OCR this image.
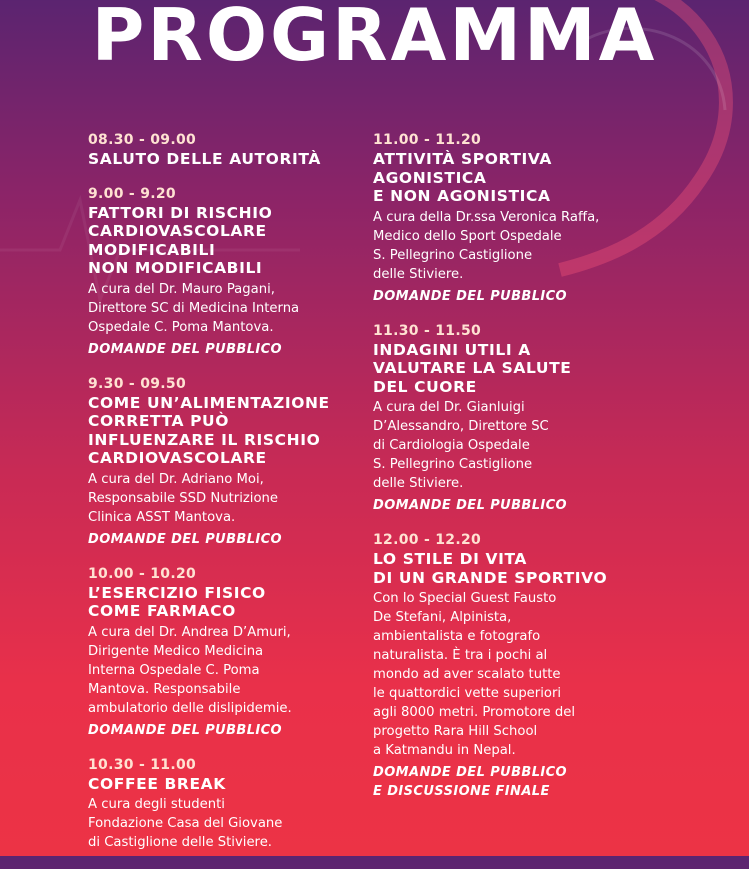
PROGRAMMA
08.30 - 09.00
SALUTO DELLE AUTORITÀ
9.00 - 9.20
FATTORI DI RISCHIO
CARDIOVASCOLARE
MODIFICABILI
NON MODIFICABILI
A cura del Dr. Mauro Pagani,
Direttore SC di Medicina Interna
Ospedale C. Poma Mantova.
DOMANDE DEL PUBBLICO
9.30 - 09.50
COME UN’ALIMENTAZIONE
CORRETTA PUÒ
INFLUENZARE IL RISCHIO
CARDIOVASCOLARE
A cura del Dr. Adriano Moi,
Responsabile SSD Nutrizione
Clinica ASST Mantova.
DOMANDE DEL PUBBLICO
10.00 - 10.20
L’ESERCIZIO FISICO
COME FARMACO
A cura del Dr. Andrea D’Amuri,
Dirigente Medico Medicina
Interna Ospedale C. Poma
Mantova. Responsabile
ambulatorio delle dislipidemie.
DOMANDE DEL PUBBLICO
10.30 - 11.00
COFFEE BREAK
A cura degli studenti
Fondazione Casa del Giovane
di Castiglione delle Stiviere.
11.00 - 11.20
ATTIVITÀ SPORTIVA
AGONISTICA
E NON AGONISTICA
A cura della Dr.ssa Veronica Raffa,
Medico dello Sport Ospedale
S. Pellegrino Castiglione
delle Stiviere.
DOMANDE DEL PUBBLICO
11.30 - 11.50
INDAGINI UTILI A
VALUTARE LA SALUTE
DEL CUORE
A cura del Dr. Gianluigi
D’Alessandro, Direttore SC
di Cardiologia Ospedale
S. Pellegrino Castiglione
delle Stiviere.
DOMANDE DEL PUBBLICO
12.00 - 12.20
LO STILE DI VITA
DI UN GRANDE SPORTIVO
Con lo Special Guest Fausto
De Stefani, Alpinista,
ambientalista e fotografo
naturalista. È tra i pochi al
mondo ad aver scalato tutte
le quattordici vette superiori
agli 8000 metri. Promotore del
progetto Rara Hill School
a Katmandu in Nepal.
DOMANDE DEL PUBBLICO
E DISCUSSIONE FINALE
